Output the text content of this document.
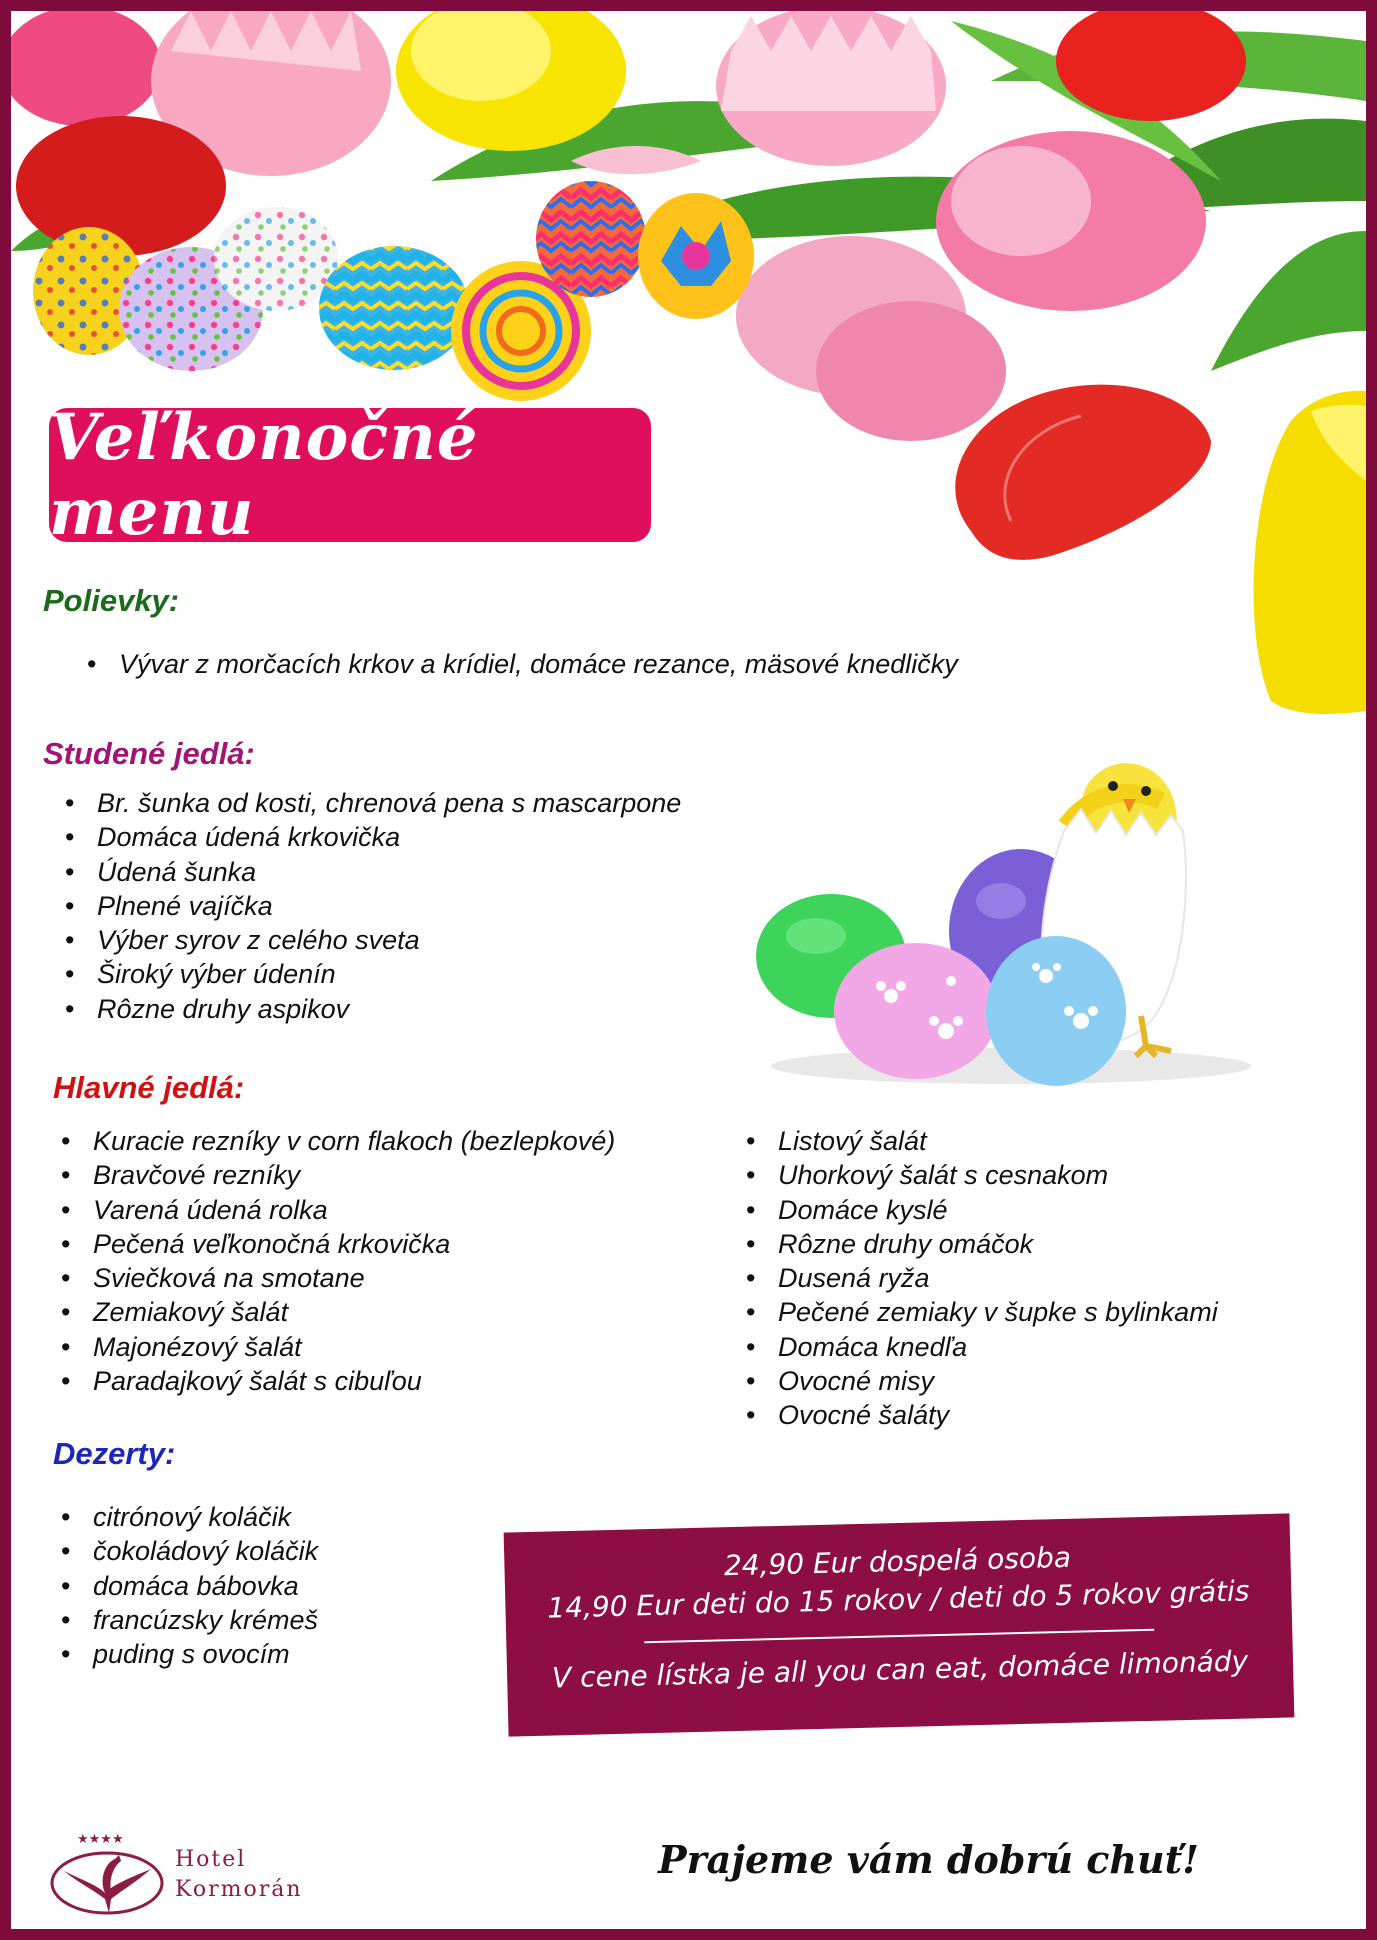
Veľkonočné menu
Polievky:
• Vývar z morčacích krkov a krídiel, domáce rezance, mäsové knedličky
Studené jedlá:
• Br. šunka od kosti, chrenová pena s mascarpone
• Domáca údená krkovička
• Údená šunka
• Plnené vajíčka
• Výber syrov z celého sveta
• Široký výber údenín
• Rôzne druhy aspikov
Hlavné jedlá:
• Kuracie rezníky v corn flakoch (bezlepkové)
• Bravčové rezníky
• Varená údená rolka
• Pečená veľkonočná krkovička
• Sviečková na smotane
• Zemiakový šalát
• Majonézový šalát
• Paradajkový šalát s cibuľou
• Listový šalát
• Uhorkový šalát s cesnakom
• Domáce kyslé
• Rôzne druhy omáčok
• Dusená ryža
• Pečené zemiaky v šupke s bylinkami
• Domáca knedľa
• Ovocné misy
• Ovocné šaláty
Dezerty:
• citrónový koláčik
• čokoládový koláčik
• domáca bábovka
• francúzsky krémeš
• puding s ovocím
24,90 Eur dospelá osoba
14,90 Eur deti do 15 rokov / deti do 5 rokov grátis
V cene lístka je all you can eat, domáce limonády
★★★★
Hotel
Kormorán
Prajeme vám dobrú chuť!
